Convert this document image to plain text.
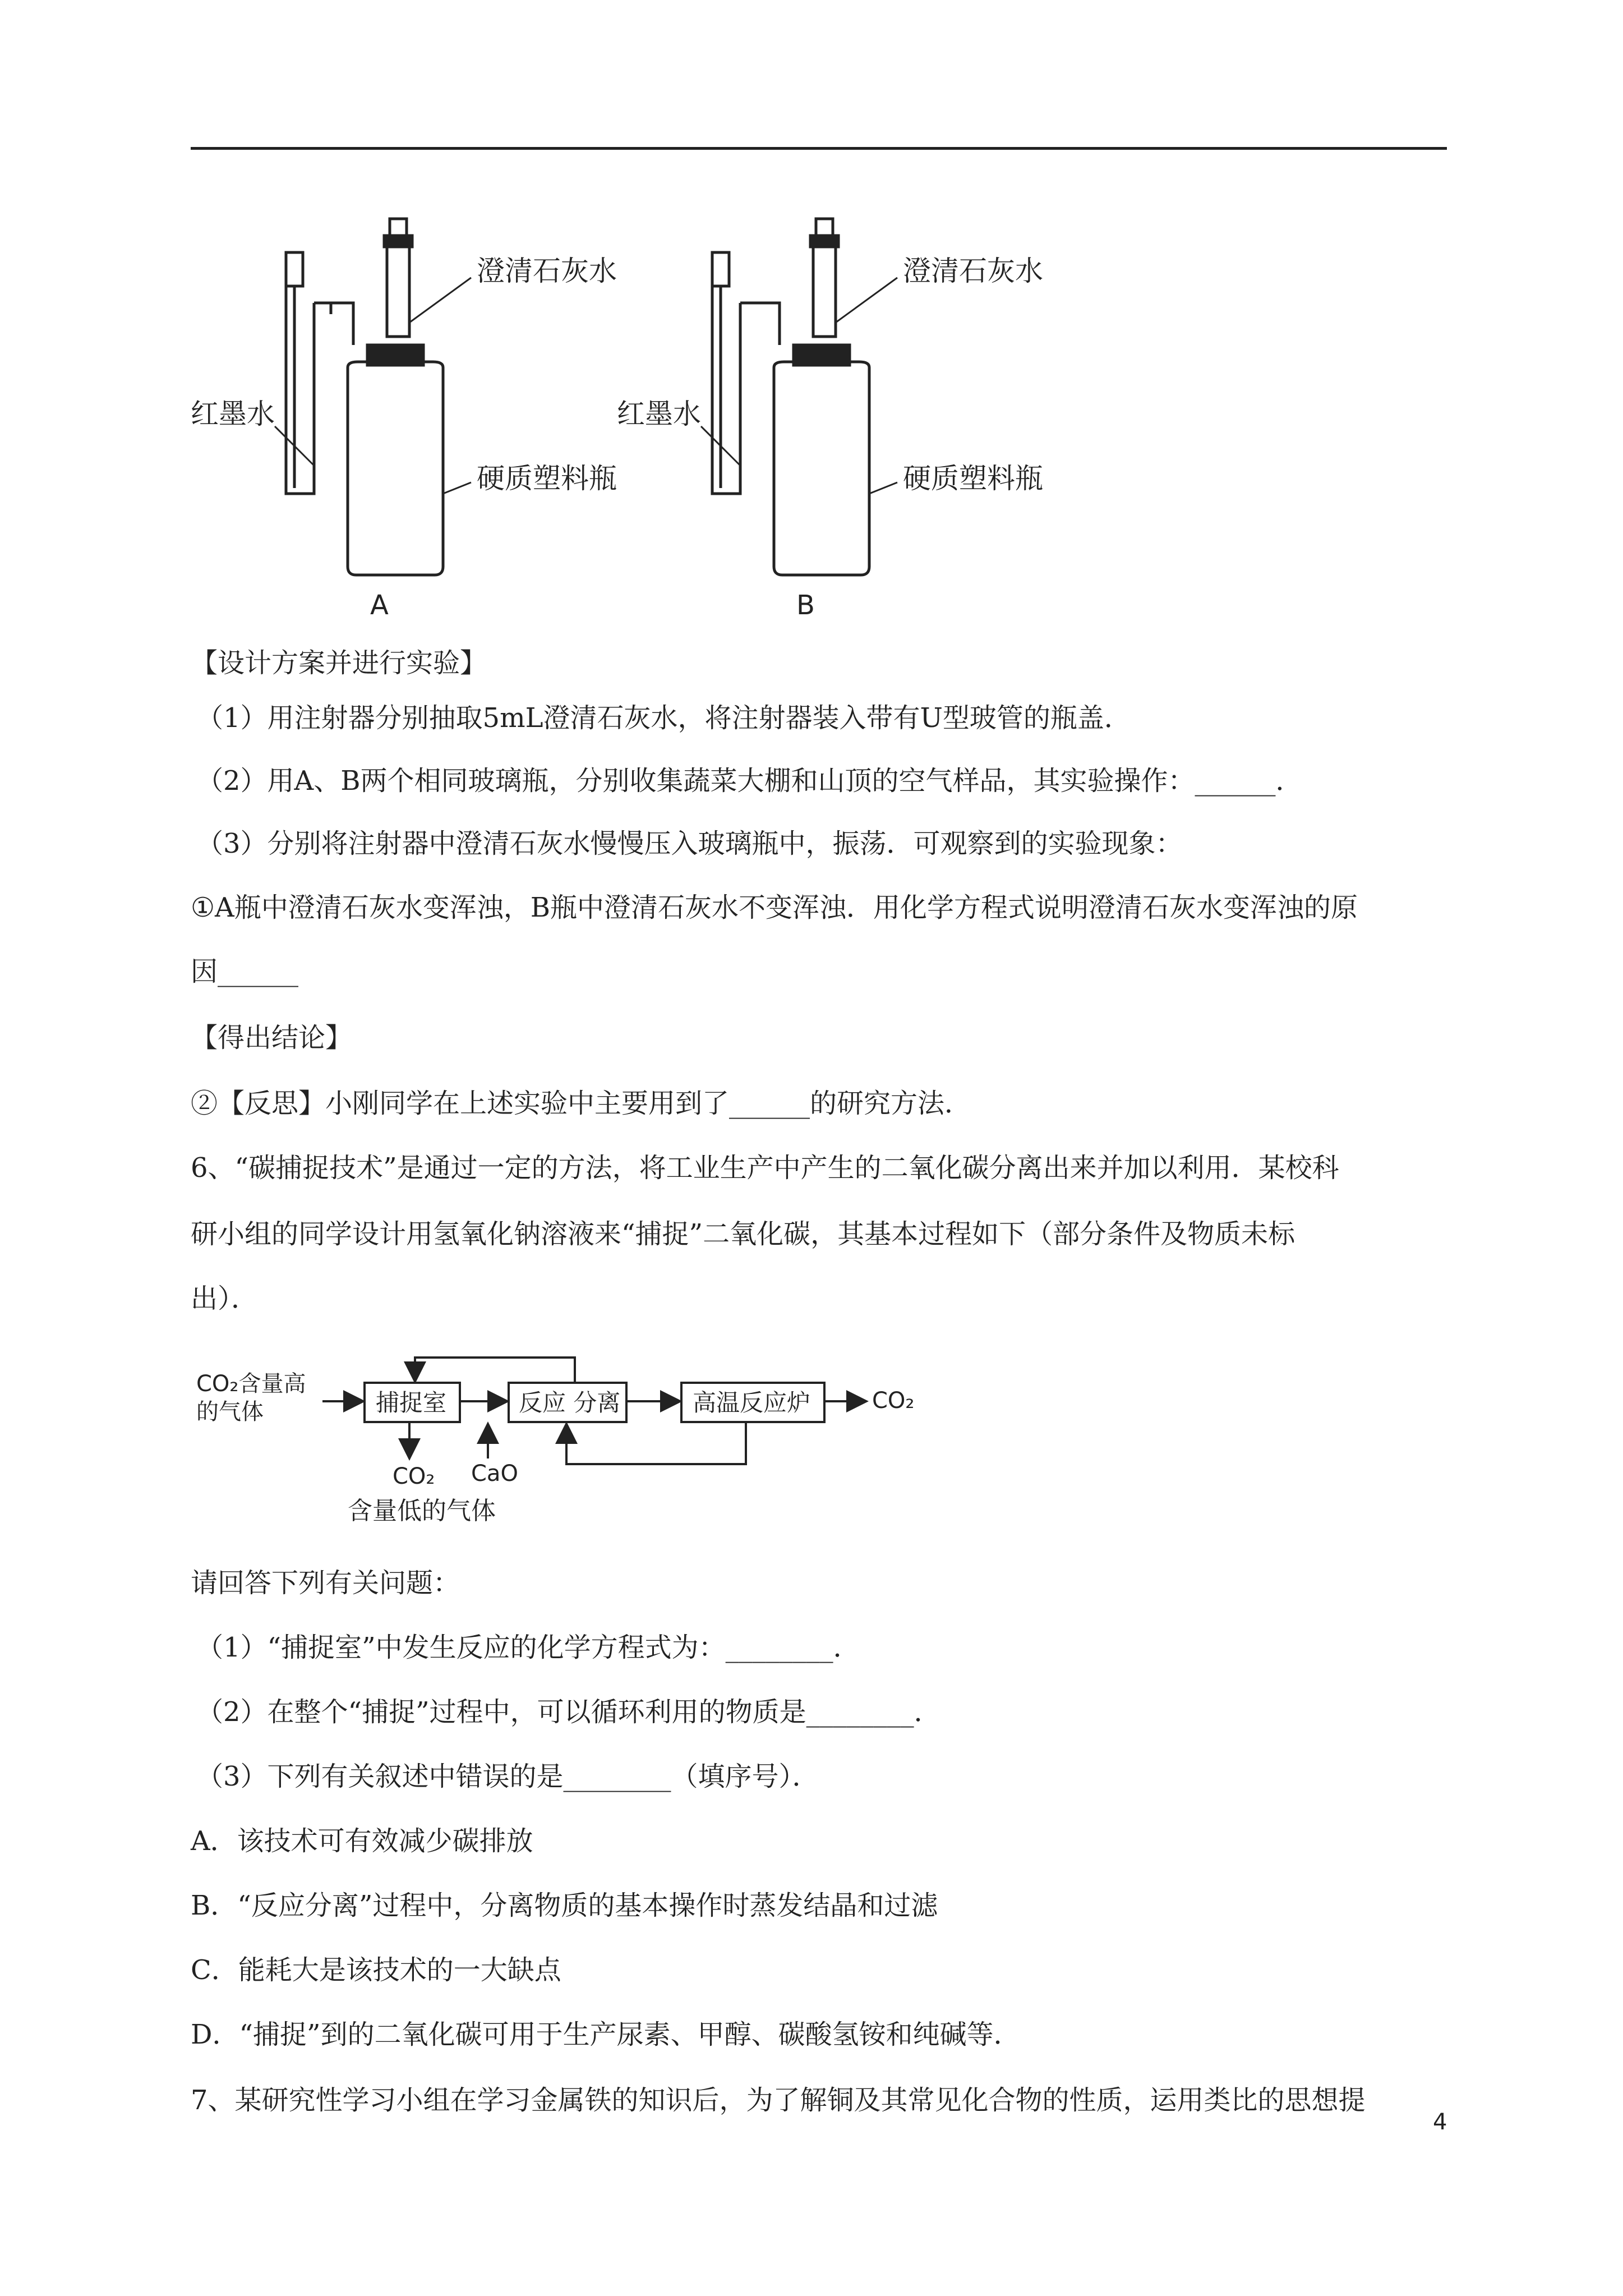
澄清石灰水
红墨水
硬质塑料瓶
A
澄清石灰水
红墨水
硬质塑料瓶
B
【设计方案并进行实验】
（1）用注射器分别抽取5mL澄清石灰水，将注射器装入带有U型玻管的瓶盖．
（2）用A、B两个相同玻璃瓶，分别收集蔬菜大棚和山顶的空气样品，其实验操作：______．
（3）分别将注射器中澄清石灰水慢慢压入玻璃瓶中，振荡．可观察到的实验现象：
①A瓶中澄清石灰水变浑浊，B瓶中澄清石灰水不变浑浊．用化学方程式说明澄清石灰水变浑浊的原
因______
【得出结论】
②【反思】小刚同学在上述实验中主要用到了______的研究方法．
6、“碳捕捉技术”是通过一定的方法，将工业生产中产生的二氧化碳分离出来并加以利用．某校科
研小组的同学设计用氢氧化钠溶液来“捕捉”二氧化碳，其基本过程如下（部分条件及物质未标
出）．
CO₂含量高
的气体	捕捉室	反应 分离	高温反应炉	CO₂
CO₂
含量低的气体
CaO
请回答下列有关问题：
（1）“捕捉室”中发生反应的化学方程式为：________．
（2）在整个“捕捉”过程中，可以循环利用的物质是________．
（3）下列有关叙述中错误的是________（填序号）．
A．该技术可有效减少碳排放
B．“反应分离”过程中，分离物质的基本操作时蒸发结晶和过滤
C．能耗大是该技术的一大缺点
D．“捕捉”到的二氧化碳可用于生产尿素、甲醇、碳酸氢铵和纯碱等．
7、某研究性学习小组在学习金属铁的知识后，为了解铜及其常见化合物的性质，运用类比的思想提
4
